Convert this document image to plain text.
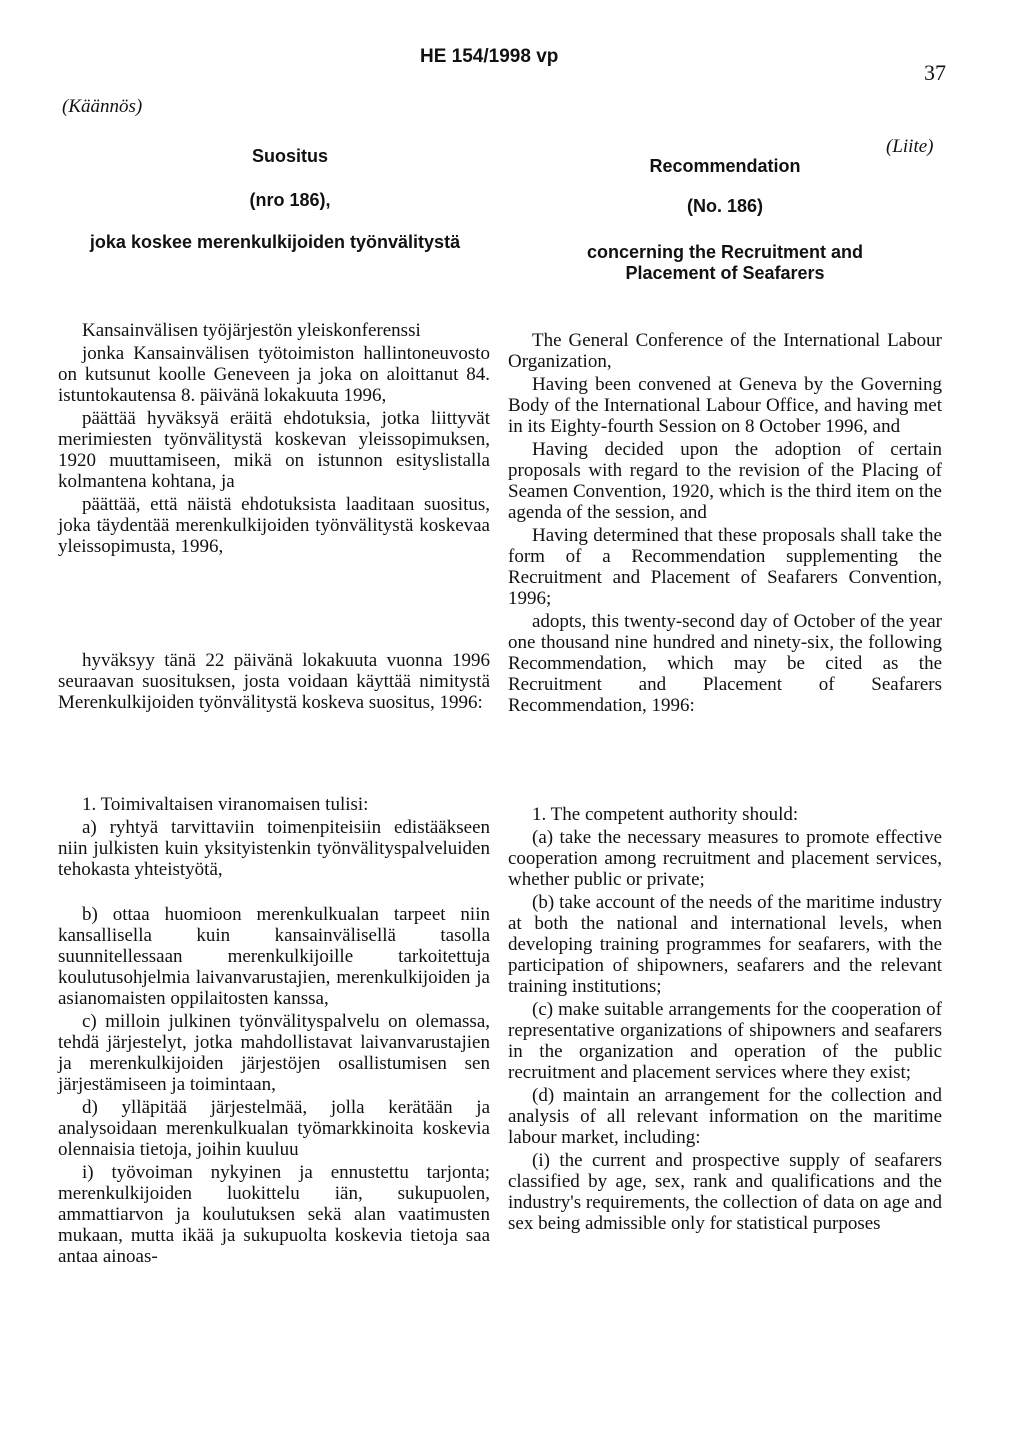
HE 154/1998 vp
37
(Käännös)
(Liite)
Suositus
(nro 186),
joka koskee merenkulkijoiden työnvälitystä
Recommendation
(No. 186)
concerning the Recruitment and Placement of Seafarers

Kansainvälisen työjärjestön yleiskonferenssi

jonka Kansainvälisen työtoimiston hallintoneuvosto on kutsunut koolle Geneveen ja joka on aloittanut 84. istuntokautensa 8. päivänä lokakuuta 1996,

päättää hyväksyä eräitä ehdotuksia, jotka liittyvät merimiesten työnvälitystä koskevan yleissopimuksen, 1920 muuttamiseen, mikä on istunnon esityslistalla kolmantena kohtana, ja

päättää, että näistä ehdotuksista laaditaan suositus, joka täydentää merenkulkijoiden työnvälitystä koskevaa yleissopimusta, 1996,

hyväksyy tänä 22 päivänä lokakuuta vuonna 1996 seuraavan suosituksen, josta voidaan käyttää nimitystä Merenkulkijoiden työnvälitystä koskeva suositus, 1996:

The General Conference of the International Labour Organization,

Having been convened at Geneva by the Governing Body of the International Labour Office, and having met in its Eighty-fourth Session on 8 October 1996, and

Having decided upon the adoption of certain proposals with regard to the revision of the Placing of Seamen Convention, 1920, which is the third item on the agenda of the session, and

Having determined that these proposals shall take the form of a Recommendation supplementing the Recruitment and Placement of Seafarers Convention, 1996;

adopts, this twenty-second day of October of the year one thousand nine hundred and ninety-six, the following Recommendation, which may be cited as the Recruitment and Placement of Seafarers Recommendation, 1996:

1. Toimivaltaisen viranomaisen tulisi:

a) ryhtyä tarvittaviin toimenpiteisiin edistääkseen niin julkisten kuin yksityistenkin työnvälityspalveluiden tehokasta yhteistyötä,

b) ottaa huomioon merenkulkualan tarpeet niin kansallisella kuin kansainvälisellä tasolla suunnitellessaan merenkulkijoille tarkoitettuja koulutusohjelmia laivanvarustajien, merenkulkijoiden ja asianomaisten oppilaitosten kanssa,

c) milloin julkinen työnvälityspalvelu on olemassa, tehdä järjestelyt, jotka mahdollistavat laivanvarustajien ja merenkulkijoiden järjestöjen osallistumisen sen järjestämiseen ja toimintaan,

d) ylläpitää järjestelmää, jolla kerätään ja analysoidaan merenkulkualan työmarkkinoita koskevia olennaisia tietoja, joihin kuuluu

i) työvoiman nykyinen ja ennustettu tarjonta; merenkulkijoiden luokittelu iän, sukupuolen, ammattiarvon ja koulutuksen sekä alan vaatimusten mukaan, mutta ikää ja sukupuolta koskevia tietoja saa antaa ainoas-

1. The competent authority should:

(a) take the necessary measures to promote effective cooperation among recruitment and placement services, whether public or private;

(b) take account of the needs of the maritime industry at both the national and international levels, when developing training programmes for seafarers, with the participation of shipowners, seafarers and the relevant training institutions;

(c) make suitable arrangements for the cooperation of representative organizations of shipowners and seafarers in the organization and operation of the public recruitment and placement services where they exist;

(d) maintain an arrangement for the collection and analysis of all relevant information on the maritime labour market, including:

(i) the current and prospective supply of seafarers classified by age, sex, rank and qualifications and the industry's requirements, the collection of data on age and sex being admissible only for statistical purposes
